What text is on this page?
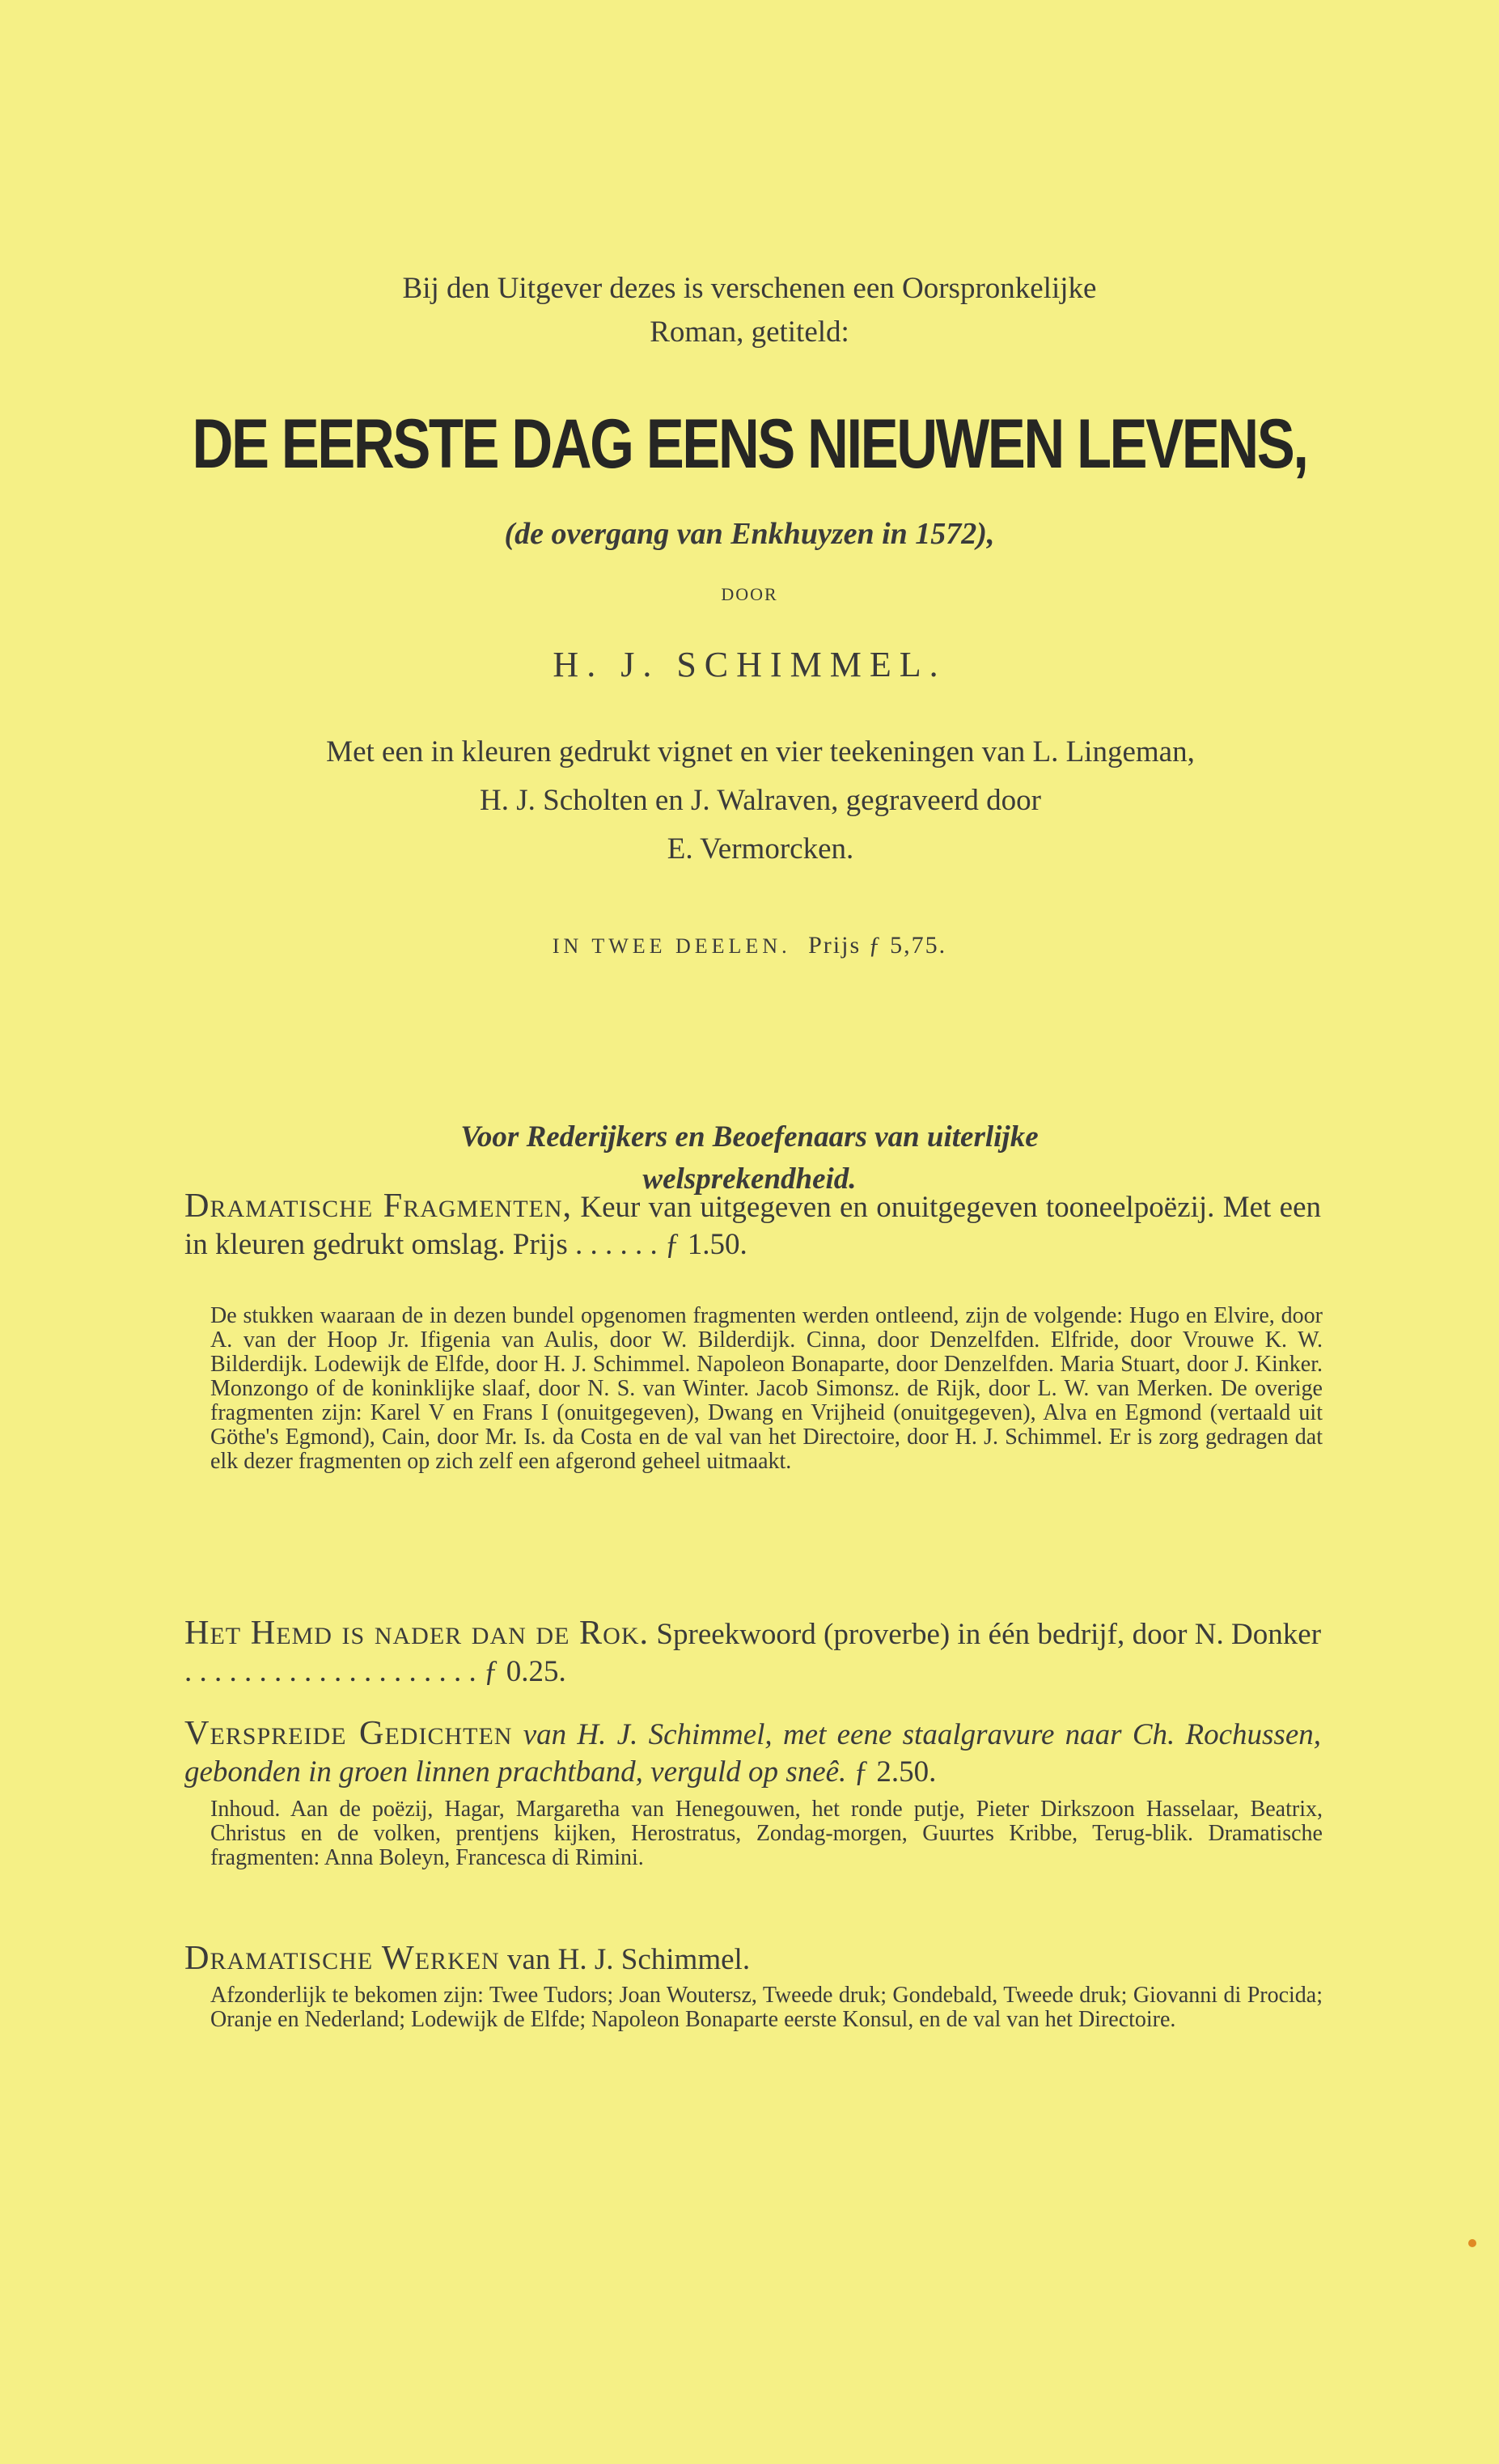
Bij den Uitgever dezes is verschenen een Oorspronkelijke
Roman, getiteld:
DE EERSTE DAG EENS NIEUWEN LEVENS,
(de overgang van Enkhuyzen in 1572),
DOOR
H. J. SCHIMMEL.
Met een in kleuren gedrukt vignet en vier teekeningen van L. Lingeman,
H. J. Scholten en J. Walraven, gegraveerd door
E. Vermorcken.
IN TWEE DEELEN. Prijs ƒ 5,75.
Voor Rederijkers en Beoefenaars van uiterlijke
welsprekendheid.
Dramatische Fragmenten, Keur van uitgegeven en onuitgegeven tooneelpoëzij. Met een in kleuren gedrukt omslag. Prijs . . . . . . ƒ 1.50.
De stukken waaraan de in dezen bundel opgenomen fragmenten werden ontleend, zijn de volgende: Hugo en Elvire, door A. van der Hoop Jr. Ifigenia van Aulis, door W. Bilderdijk. Cinna, door Denzelfden. Elfride, door Vrouwe K. W. Bilderdijk. Lodewijk de Elfde, door H. J. Schimmel. Napoleon Bonaparte, door Denzelfden. Maria Stuart, door J. Kinker. Monzongo of de koninklijke slaaf, door N. S. van Winter. Jacob Simonsz. de Rijk, door L. W. van Merken. De overige fragmenten zijn: Karel V en Frans I (onuitgegeven), Dwang en Vrijheid (onuitgegeven), Alva en Egmond (vertaald uit Göthe's Egmond), Cain, door Mr. Is. da Costa en de val van het Directoire, door H. J. Schimmel. Er is zorg gedragen dat elk dezer fragmenten op zich zelf een afgerond geheel uitmaakt.
Het Hemd is nader dan de Rok. Spreekwoord (proverbe) in één bedrijf, door N. Donker . . . . . . . . . . . . . . . . . . . . ƒ 0.25.
Verspreide Gedichten van H. J. Schimmel, met eene staalgravure naar Ch. Rochussen, gebonden in groen linnen prachtband, verguld op sneê. ƒ 2.50.
Inhoud. Aan de poëzij, Hagar, Margaretha van Henegouwen, het ronde putje, Pieter Dirkszoon Hasselaar, Beatrix, Christus en de volken, prentjens kijken, Herostratus, Zondag-morgen, Guurtes Kribbe, Terug-blik. Dramatische fragmenten: Anna Boleyn, Francesca di Rimini.
Dramatische Werken van H. J. Schimmel.
Afzonderlijk te bekomen zijn: Twee Tudors; Joan Woutersz, Tweede druk; Gondebald, Tweede druk; Giovanni di Procida; Oranje en Nederland; Lodewijk de Elfde; Napoleon Bonaparte eerste Konsul, en de val van het Directoire.
